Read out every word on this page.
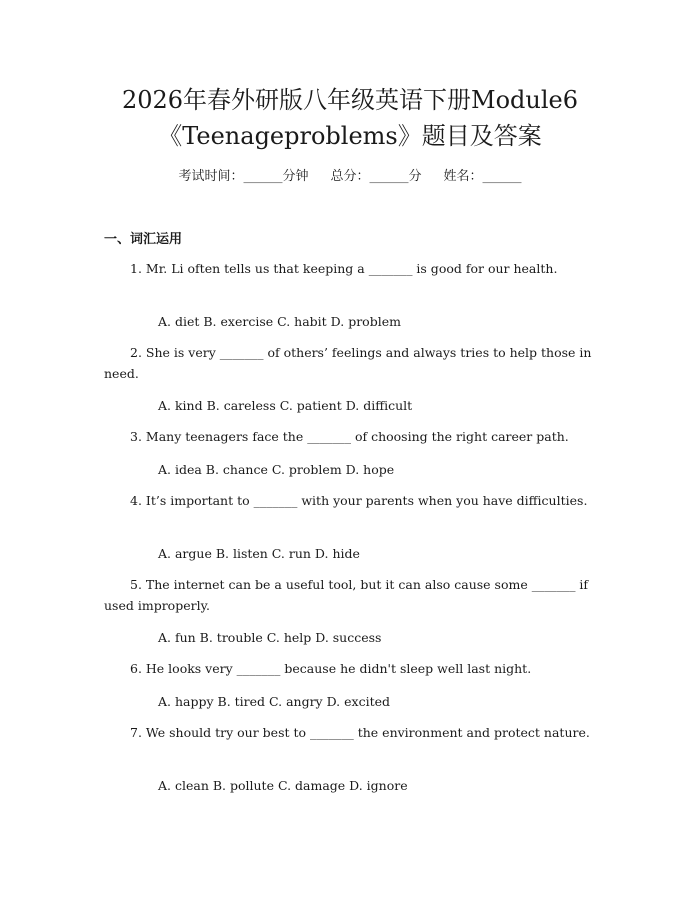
2026年春外研版八年级英语下册Module6
《Teenageproblems》题目及答案
考试时间：______分钟 总分：______分 姓名：______
一、词汇运用

1. Mr. Li often tells us that keeping a _______ is good for our health.

A. diet B. exercise C. habit D. problem

2. She is very _______ of others’ feelings and always tries to help those in need.

A. kind B. careless C. patient D. difficult

3. Many teenagers face the _______ of choosing the right career path.

A. idea B. chance C. problem D. hope

4. It’s important to _______ with your parents when you have difficulties.

A. argue B. listen C. run D. hide

5. The internet can be a useful tool, but it can also cause some _______ if used improperly.

A. fun B. trouble C. help D. success

6. He looks very _______ because he didn't sleep well last night.

A. happy B. tired C. angry D. excited

7. We should try our best to _______ the environment and protect nature.

A. clean B. pollute C. damage D. ignore
